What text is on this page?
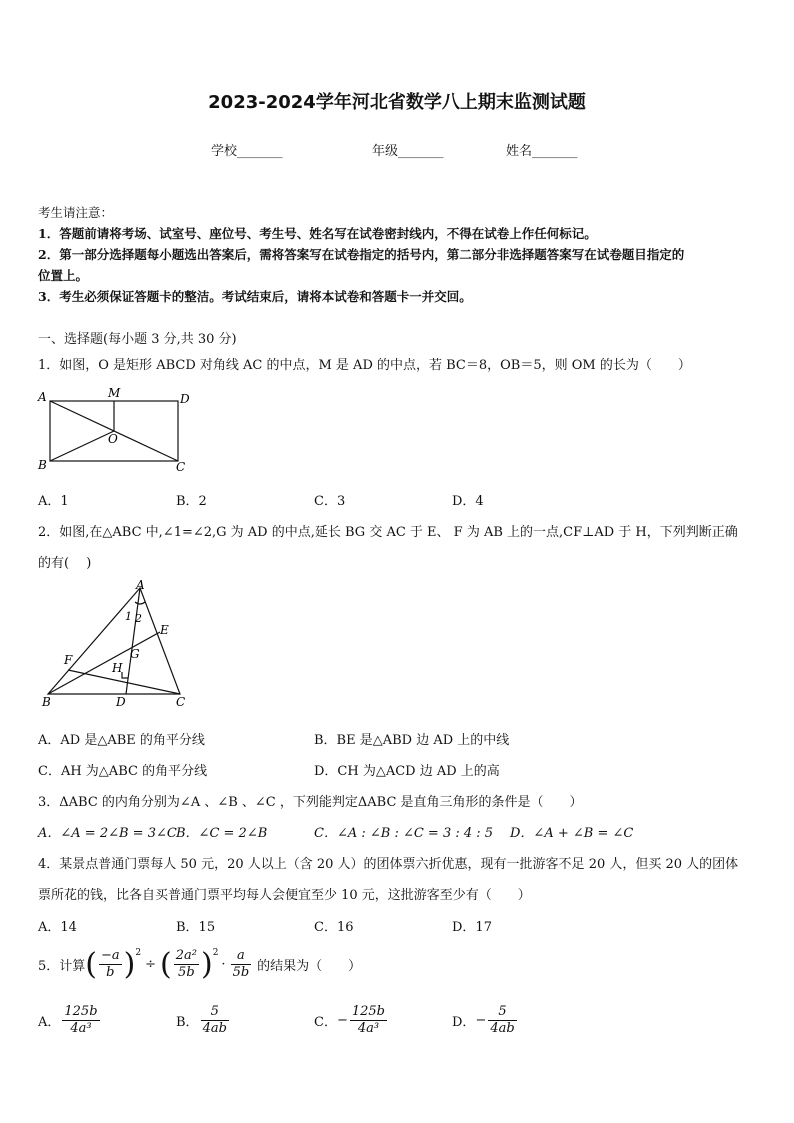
2023-2024学年河北省数学八上期末监测试题
学校_______	年级_______	姓名_______
考生请注意：
1．答题前请将考场、试室号、座位号、考生号、姓名写在试卷密封线内，不得在试卷上作任何标记。
2．第一部分选择题每小题选出答案后，需将答案写在试卷指定的括号内，第二部分非选择题答案写在试卷题目指定的
位置上。
3．考生必须保证答题卡的整洁。考试结束后，请将本试卷和答题卡一并交回。
一、选择题(每小题 3 分,共 30 分)
1．如图，O 是矩形 ABCD 对角线 AC 的中点，M 是 AD 的中点，若 BC＝8，OB＝5，则 OM 的长为（　　）
A	M	D
O
B	C
A．1	B．2	C．3	D．4
2．如图,在△ABC 中,∠1=∠2,G 为 AD 的中点,延长 BG 交 AC 于 E、 F 为 AB 上的一点,CF⊥AD 于 H，下列判断正确
的有(　 )
A
1 2
E
F	G
H
B	D	C
A．AD 是△ABE 的角平分线	B．BE 是△ABD 边 AD 上的中线
C．AH 为△ABC 的角平分线	D．CH 为△ACD 边 AD 上的高
3．ΔABC 的内角分别为∠A 、∠B 、∠C ，下列能判定ΔABC 是直角三角形的条件是（　　）
A．∠A = 2∠B = 3∠C B．∠C = 2∠B	C．∠A : ∠B : ∠C = 3 : 4 : 5 D．∠A + ∠B = ∠C
4．某景点普通门票每人 50 元，20 人以上（含 20 人）的团体票六折优惠，现有一批游客不足 20 人，但买 20 人的团体
票所花的钱，比各自买普通门票平均每人会便宜至少 10 元，这批游客至少有（　　）
A．14	B．15	C．16	D．17
5．计算 ( $\frac{-a}{b} )^2$
÷ ( $\frac{\text{2a²}}{5b} )^2$
· $\frac{a}{5b}$ 的结果为（　　）
A． $\frac{125b}{\text{4a³}}$	B． $\frac{5}{4ab}$	C． − $\frac{125b}{\text{4a³}}$	D． − $\frac{5}{4ab}$
